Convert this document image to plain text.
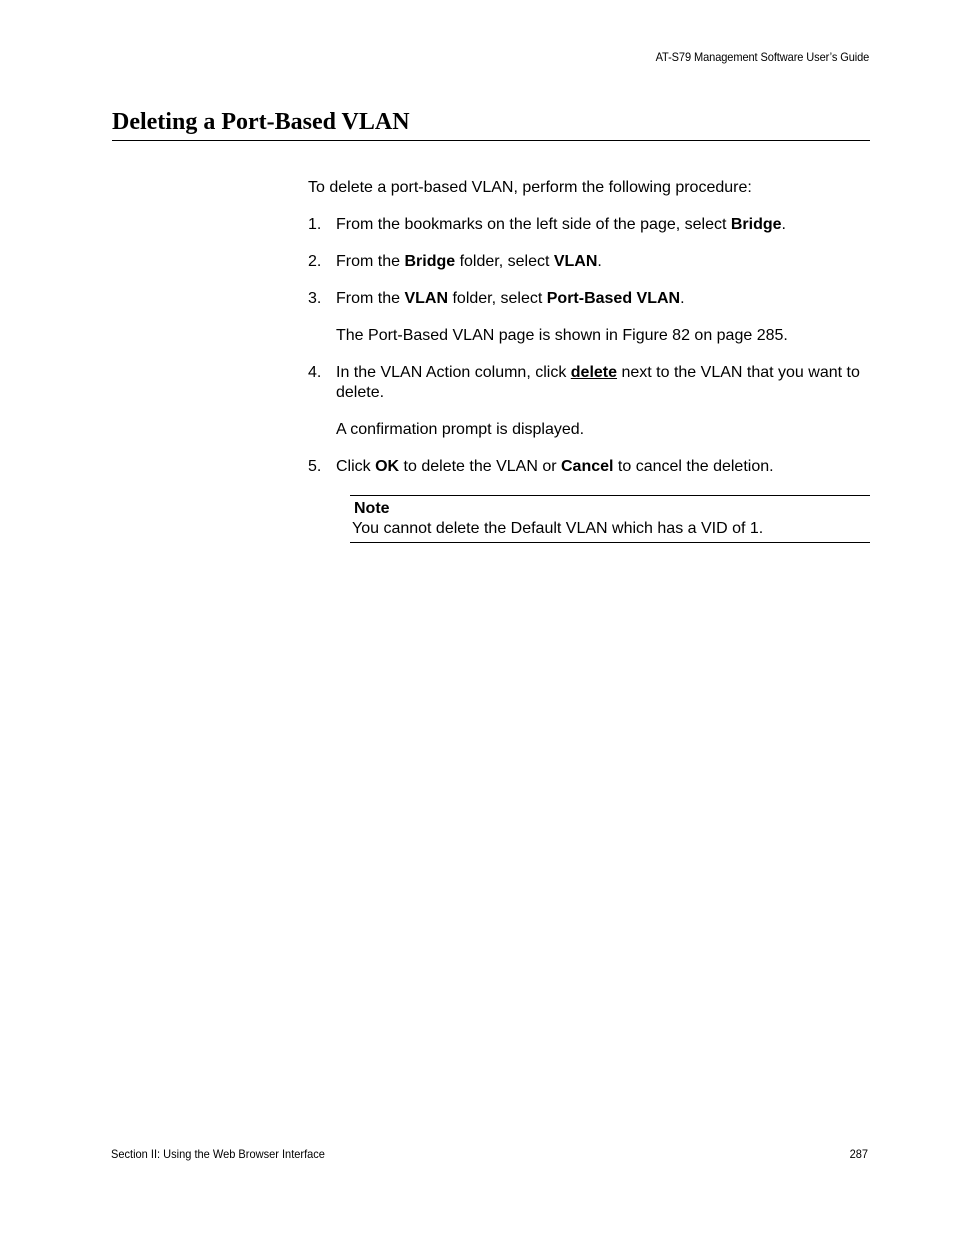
AT-S79 Management Software User’s Guide
Deleting a Port-Based VLAN

To delete a port-based VLAN, perform the following procedure:

1. From the bookmarks on the left side of the page, select Bridge.
2. From the Bridge folder, select VLAN.
3. From the VLAN folder, select Port-Based VLAN.

The Port-Based VLAN page is shown in Figure 82 on page 285.

4. In the VLAN Action column, click delete next to the VLAN that you want to delete.

A confirmation prompt is displayed.

5. Click OK to delete the VLAN or Cancel to cancel the deletion.
Note
You cannot delete the Default VLAN which has a VID of 1.
Section II: Using the Web Browser Interface	287
